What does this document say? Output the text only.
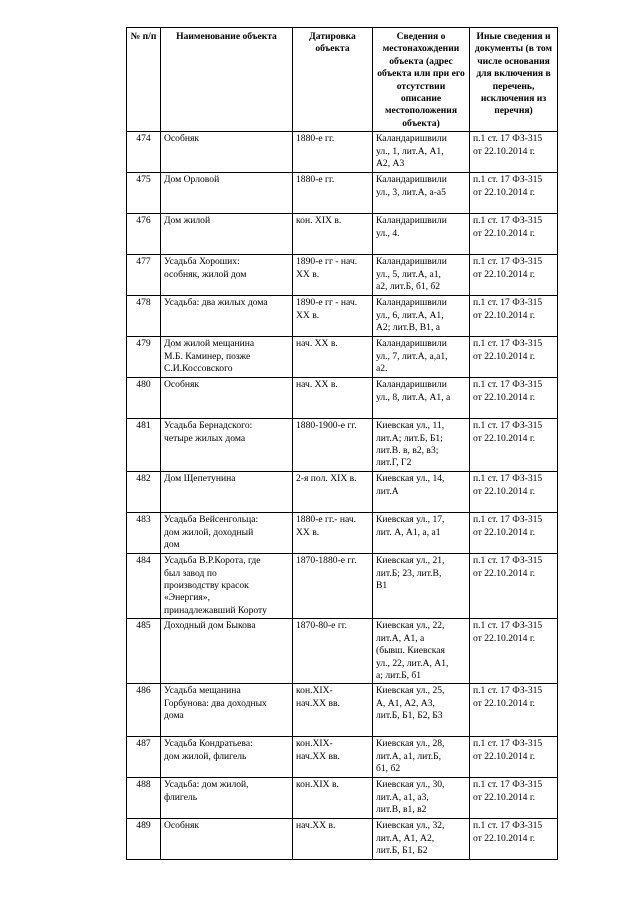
№ п/п	Наименование объекта	Датировка объекта	Сведения о местонахождении объекта (адрес объекта или при его отсутствии описание местоположения объекта)	Иные сведения и документы (в том числе основания для включения в перечень, исключения из перечня)
474	Особняк	1880-е гг.	Каландаришвили
ул., 1, лит.А, А1,
А2, А3	п.1 ст. 17 ФЗ-315
от 22.10.2014 г.
475	Дом Орловой	1880-е гг.	Каландаришвили
ул., 3, лит.А, а-а5	п.1 ст. 17 ФЗ-315
от 22.10.2014 г.
476	Дом жилой	кон. XIX в.	Каландаришвили
ул., 4.	п.1 ст. 17 ФЗ-315
от 22.10.2014 г.
477	Усадьба Хороших:
особняк, жилой дом	1890-е гг - нач.
XX в.	Каландаришвили
ул., 5, лит.А, а1,
а2, лит.Б, б1, б2	п.1 ст. 17 ФЗ-315
от 22.10.2014 г.
478	Усадьба: два жилых дома	1890-е гг - нач.
XX в.	Каландаришвили
ул., 6, лит.А, А1,
А2; лит.В, В1, а	п.1 ст. 17 ФЗ-315
от 22.10.2014 г.
479	Дом жилой мещанина
М.Б. Каминер, позже
С.И.Коссовского	нач. XX в.	Каландаришвили
ул., 7, лит.А, а,а1,
а2.	п.1 ст. 17 ФЗ-315
от 22.10.2014 г.
480	Особняк	нач. XX в.	Каландаришвили
ул., 8, лит.А, А1, а	п.1 ст. 17 ФЗ-315
от 22.10.2014 г.
481	Усадьба Бернадского:
четыре жилых дома	1880-1900-е гг.	Киевская ул., 11,
лит.А; лит.Б, Б1;
лит.В. в, в2, в3;
лит.Г, Г2	п.1 ст. 17 ФЗ-315
от 22.10.2014 г.
482	Дом Щепетунина	2-я пол. XIX в.	Киевская ул., 14,
лит.А	п.1 ст. 17 ФЗ-315
от 22.10.2014 г.
483	Усадьба Вейсенгольца:
дом жилой, доходный
дом	1880-е гг.- нач.
XX в.	Киевская ул., 17,
лит. А, А1, а, а1	п.1 ст. 17 ФЗ-315
от 22.10.2014 г.
484	Усадьба В.Р.Корота, где
был завод по
производству красок
«Энергия»,
принадлежавший Короту	1870-1880-е гг.	Киевская ул., 21,
лит.Б; 23, лит.В,
В1	п.1 ст. 17 ФЗ-315
от 22.10.2014 г.
485	Доходный дом Быкова	1870-80-е гг.	Киевская ул., 22,
лит.А, А1, а
(бывш. Киевская
ул., 22, лит.А, А1,
а; лит.Б, б1	п.1 ст. 17 ФЗ-315
от 22.10.2014 г.
486	Усадьба мещанина
Горбунова: два доходных
дома	кон.XIX-
нач.XX вв.	Киевская ул., 25,
А, А1, А2, А3,
лит.Б, Б1, Б2, Б3	п.1 ст. 17 ФЗ-315
от 22.10.2014 г.
487	Усадьба Кондратьева:
дом жилой, флигель	кон.XIX-
нач.XX вв.	Киевская ул., 28,
лит.А, а1, лит.Б,
б1, б2	п.1 ст. 17 ФЗ-315
от 22.10.2014 г.
488	Усадьба: дом жилой,
флигель	кон.XIX в.	Киевская ул., 30,
лит.А, а1, а3,
лит.В, в1, в2	п.1 ст. 17 ФЗ-315
от 22.10.2014 г.
489	Особняк	нач.XX в.	Киевская ул., 32,
лит.А, А1, А2,
лит.Б, Б1, Б2	п.1 ст. 17 ФЗ-315
от 22.10.2014 г.
